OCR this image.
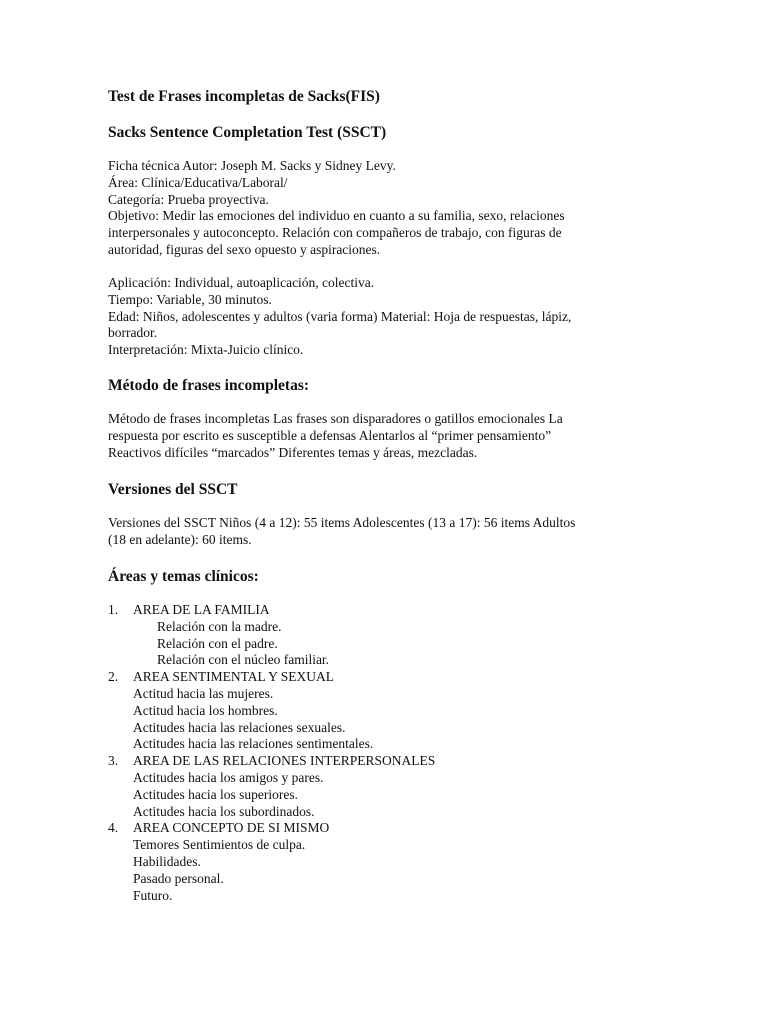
Test de Frases incompletas de Sacks(FIS)
Sacks Sentence Completation Test (SSCT)
Ficha técnica Autor: Joseph M. Sacks y Sidney Levy.
Área: Clínica/Educativa/Laboral/
Categoría: Prueba proyectiva.
Objetivo: Medir las emociones del individuo en cuanto a su familia, sexo, relaciones
interpersonales y autoconcepto. Relación con compañeros de trabajo, con figuras de
autoridad, figuras del sexo opuesto y aspiraciones.
Aplicación: Individual, autoaplicación, colectiva.
Tiempo: Variable, 30 minutos.
Edad: Niños, adolescentes y adultos (varia forma) Material: Hoja de respuestas, lápiz,
borrador.
Interpretación: Mixta-Juicio clínico.
Método de frases incompletas:
Método de frases incompletas Las frases son disparadores o gatillos emocionales La
respuesta por escrito es susceptible a defensas Alentarlos al “primer pensamiento”
Reactivos difíciles “marcados” Diferentes temas y áreas, mezcladas.
Versiones del SSCT
Versiones del SSCT Niños (4 a 12): 55 items Adolescentes (13 a 17): 56 items Adultos
(18 en adelante): 60 items.
Áreas y temas clínicos:
1. AREA DE LA FAMILIA
Relación con la madre.
Relación con el padre.
Relación con el núcleo familiar.
2. AREA SENTIMENTAL Y SEXUAL
Actitud hacia las mujeres.
Actitud hacia los hombres.
Actitudes hacia las relaciones sexuales.
Actitudes hacia las relaciones sentimentales.
3. AREA DE LAS RELACIONES INTERPERSONALES
Actitudes hacia los amigos y pares.
Actitudes hacia los superiores.
Actitudes hacia los subordinados.
4. AREA CONCEPTO DE SI MISMO
Temores Sentimientos de culpa.
Habilidades.
Pasado personal.
Futuro.
